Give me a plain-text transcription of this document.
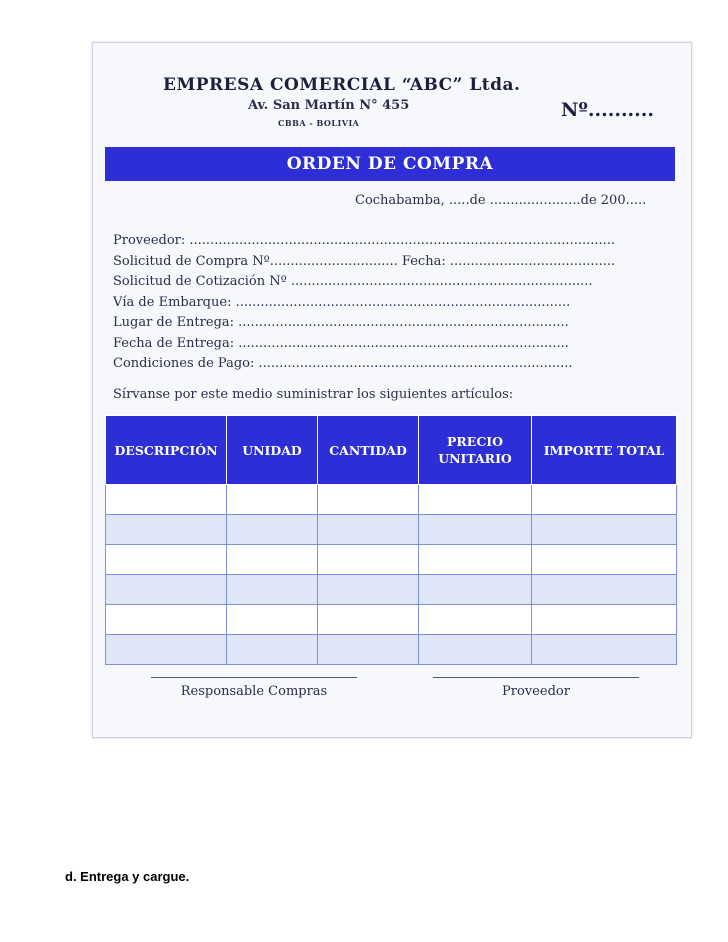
EMPRESA COMERCIAL “ABC” Ltda.
Av. San Martín N° 455
CBBA - BOLIVIA
Nº..........
ORDEN DE COMPRA
Cochabamba, .....de ......................de 200.....
Proveedor: .......................................................................................................
Solicitud de Compra Nº............................... Fecha: ........................................
Solicitud de Cotización Nº .........................................................................
Vía de Embarque: .................................................................................
Lugar de Entrega: ................................................................................
Fecha de Entrega: ................................................................................
Condiciones de Pago: ............................................................................
Sírvanse por este medio suministrar los siguientes artículos:
DESCRIPCIÓN	UNIDAD	CANTIDAD	PRECIO UNITARIO	IMPORTE TOTAL

Responsable Compras	Proveedor
d. Entrega y cargue.
